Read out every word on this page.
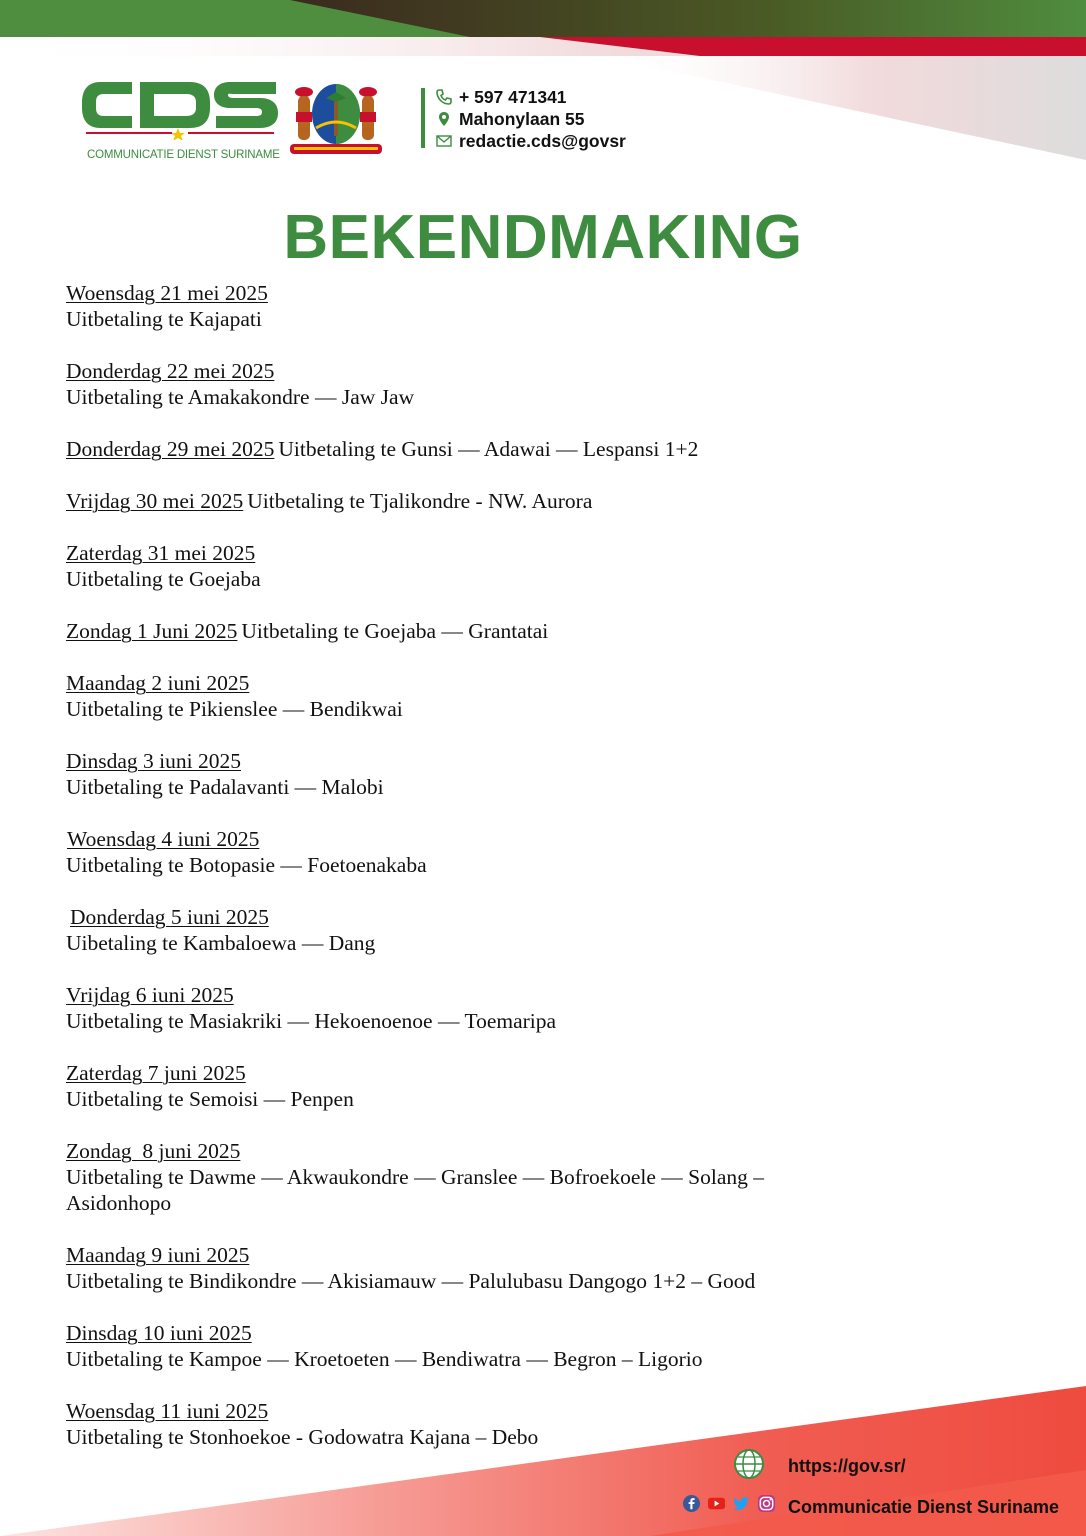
COMMUNICATIE DIENST SURINAME
+ 597 471341
Mahonylaan 55
redactie.cds@govsr
BEKENDMAKING
Woensdag 21 mei 2025
Uitbetaling te Kajapati
Donderdag 22 mei 2025
Uitbetaling te Amakakondre — Jaw Jaw
Donderdag 29 mei 2025 Uitbetaling te Gunsi — Adawai — Lespansi 1+2
Vrijdag 30 mei 2025 Uitbetaling te Tjalikondre - NW. Aurora
Zaterdag 31 mei 2025
Uitbetaling te Goejaba
Zondag 1 Juni 2025 Uitbetaling te Goejaba — Grantatai
Maandag 2 iuni 2025
Uitbetaling te Pikienslee — Bendikwai
Dinsdag 3 iuni 2025
Uitbetaling te Padalavanti — Malobi
Woensdag 4 iuni 2025
Uitbetaling te Botopasie — Foetoenakaba
Donderdag 5 iuni 2025
Uibetaling te Kambaloewa — Dang
Vrijdag 6 iuni 2025
Uitbetaling te Masiakriki — Hekoenoenoe — Toemaripa
Zaterdag 7 juni 2025
Uitbetaling te Semoisi — Penpen
Zondag  8 juni 2025
Uitbetaling te Dawme — Akwaukondre — Granslee — Bofroekoele — Solang – Asidonhopo
Maandag 9 iuni 2025
Uitbetaling te Bindikondre — Akisiamauw — Palulubasu Dangogo 1+2 – Good
Dinsdag 10 iuni 2025
Uitbetaling te Kampoe — Kroetoeten — Bendiwatra — Begron – Ligorio
Woensdag 11 iuni 2025
Uitbetaling te Stonhoekoe - Godowatra Kajana – Debo
https://gov.sr/
Communicatie Dienst Suriname
